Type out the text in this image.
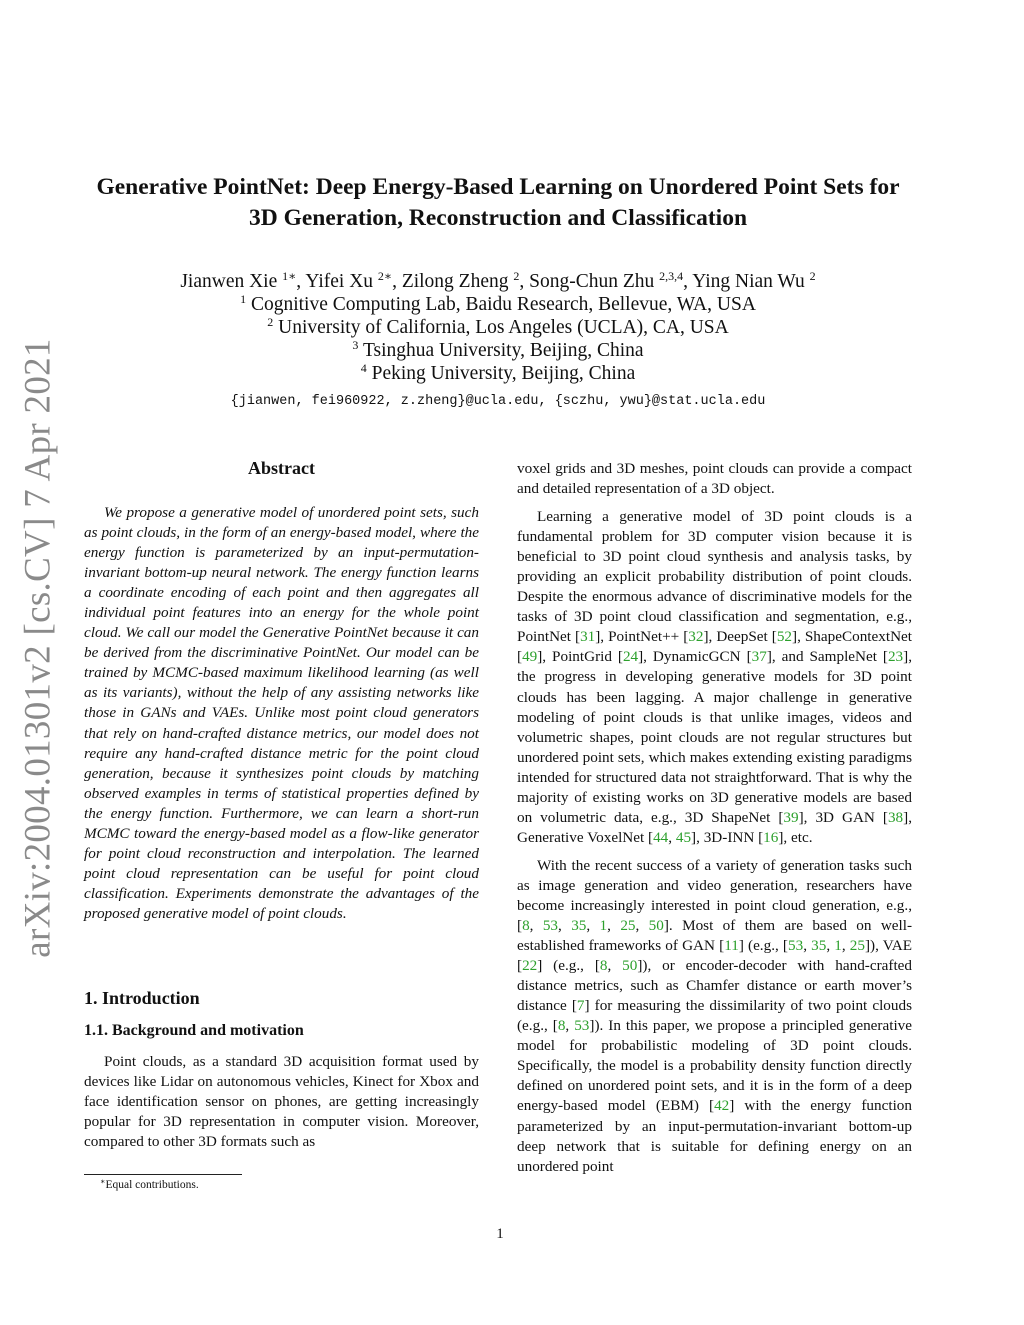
arXiv:2004.01301v2 [cs.CV] 7 Apr 2021
Generative PointNet: Deep Energy-Based Learning on Unordered Point Sets for
3D Generation, Reconstruction and Classification
Jianwen Xie $^{1∗}$, Yifei Xu $^{2∗}$, Zilong Zheng $^2$, Song-Chun Zhu $^{2,3,4}$, Ying Nian Wu $^2$
$^1$ Cognitive Computing Lab, Baidu Research, Bellevue, WA, USA
$^2$ University of California, Los Angeles (UCLA), CA, USA
$^3$ Tsinghua University, Beijing, China
$^4$ Peking University, Beijing, China
{jianwen, fei960922, z.zheng}@ucla.edu, {sczhu, ywu}@stat.ucla.edu
Abstract

We propose a generative model of unordered point sets, such as point clouds, in the form of an energy-based model, where the energy function is parameterized by an input-permutation-invariant bottom-up neural network. The energy function learns a coordinate encoding of each point and then aggregates all individual point features into an energy for the whole point cloud. We call our model the Generative PointNet because it can be derived from the discriminative PointNet. Our model can be trained by MCMC-based maximum likelihood learning (as well as its variants), without the help of any assisting networks like those in GANs and VAEs. Unlike most point cloud generators that rely on hand-crafted distance metrics, our model does not require any hand-crafted distance metric for the point cloud generation, because it synthesizes point clouds by matching observed examples in terms of statistical properties defined by the energy function. Furthermore, we can learn a short-run MCMC toward the energy-based model as a flow-like generator for point cloud reconstruction and interpolation. The learned point cloud representation can be useful for point cloud classification. Experiments demonstrate the advantages of the proposed generative model of point clouds.

1. Introduction
1.1. Background and motivation

Point clouds, as a standard 3D acquisition format used by devices like Lidar on autonomous vehicles, Kinect for Xbox and face identification sensor on phones, are getting increasingly popular for 3D representation in computer vision. Moreover, compared to other 3D formats such as

voxel grids and 3D meshes, point clouds can provide a compact and detailed representation of a 3D object.

Learning a generative model of 3D point clouds is a fundamental problem for 3D computer vision because it is beneficial to 3D point cloud synthesis and analysis tasks, by providing an explicit probability distribution of point clouds. Despite the enormous advance of discriminative models for the tasks of 3D point cloud classification and segmentation, e.g., PointNet [31], PointNet++ [32], DeepSet [52], ShapeContextNet [49], PointGrid [24], DynamicGCN [37], and SampleNet [23], the progress in developing generative models for 3D point clouds has been lagging. A major challenge in generative modeling of point clouds is that unlike images, videos and volumetric shapes, point clouds are not regular structures but unordered point sets, which makes extending existing paradigms intended for structured data not straightforward. That is why the majority of existing works on 3D generative models are based on volumetric data, e.g., 3D ShapeNet [39], 3D GAN [38], Generative VoxelNet [44, 45], 3D-INN [16], etc.

With the recent success of a variety of generation tasks such as image generation and video generation, researchers have become increasingly interested in point cloud generation, e.g., [8, 53, 35, 1, 25, 50]. Most of them are based on well-established frameworks of GAN [11] (e.g., [53, 35, 1, 25]), VAE [22] (e.g., [8, 50]), or encoder-decoder with hand-crafted distance metrics, such as Chamfer distance or earth mover’s distance [7] for measuring the dissimilarity of two point clouds (e.g., [8, 53]). In this paper, we propose a principled generative model for probabilistic modeling of 3D point clouds. Specifically, the model is a probability density function directly defined on unordered point sets, and it is in the form of a deep energy-based model (EBM) [42] with the energy function parameterized by an input-permutation-invariant bottom-up deep network that is suitable for defining energy on an unordered point

∗Equal contributions.
1
